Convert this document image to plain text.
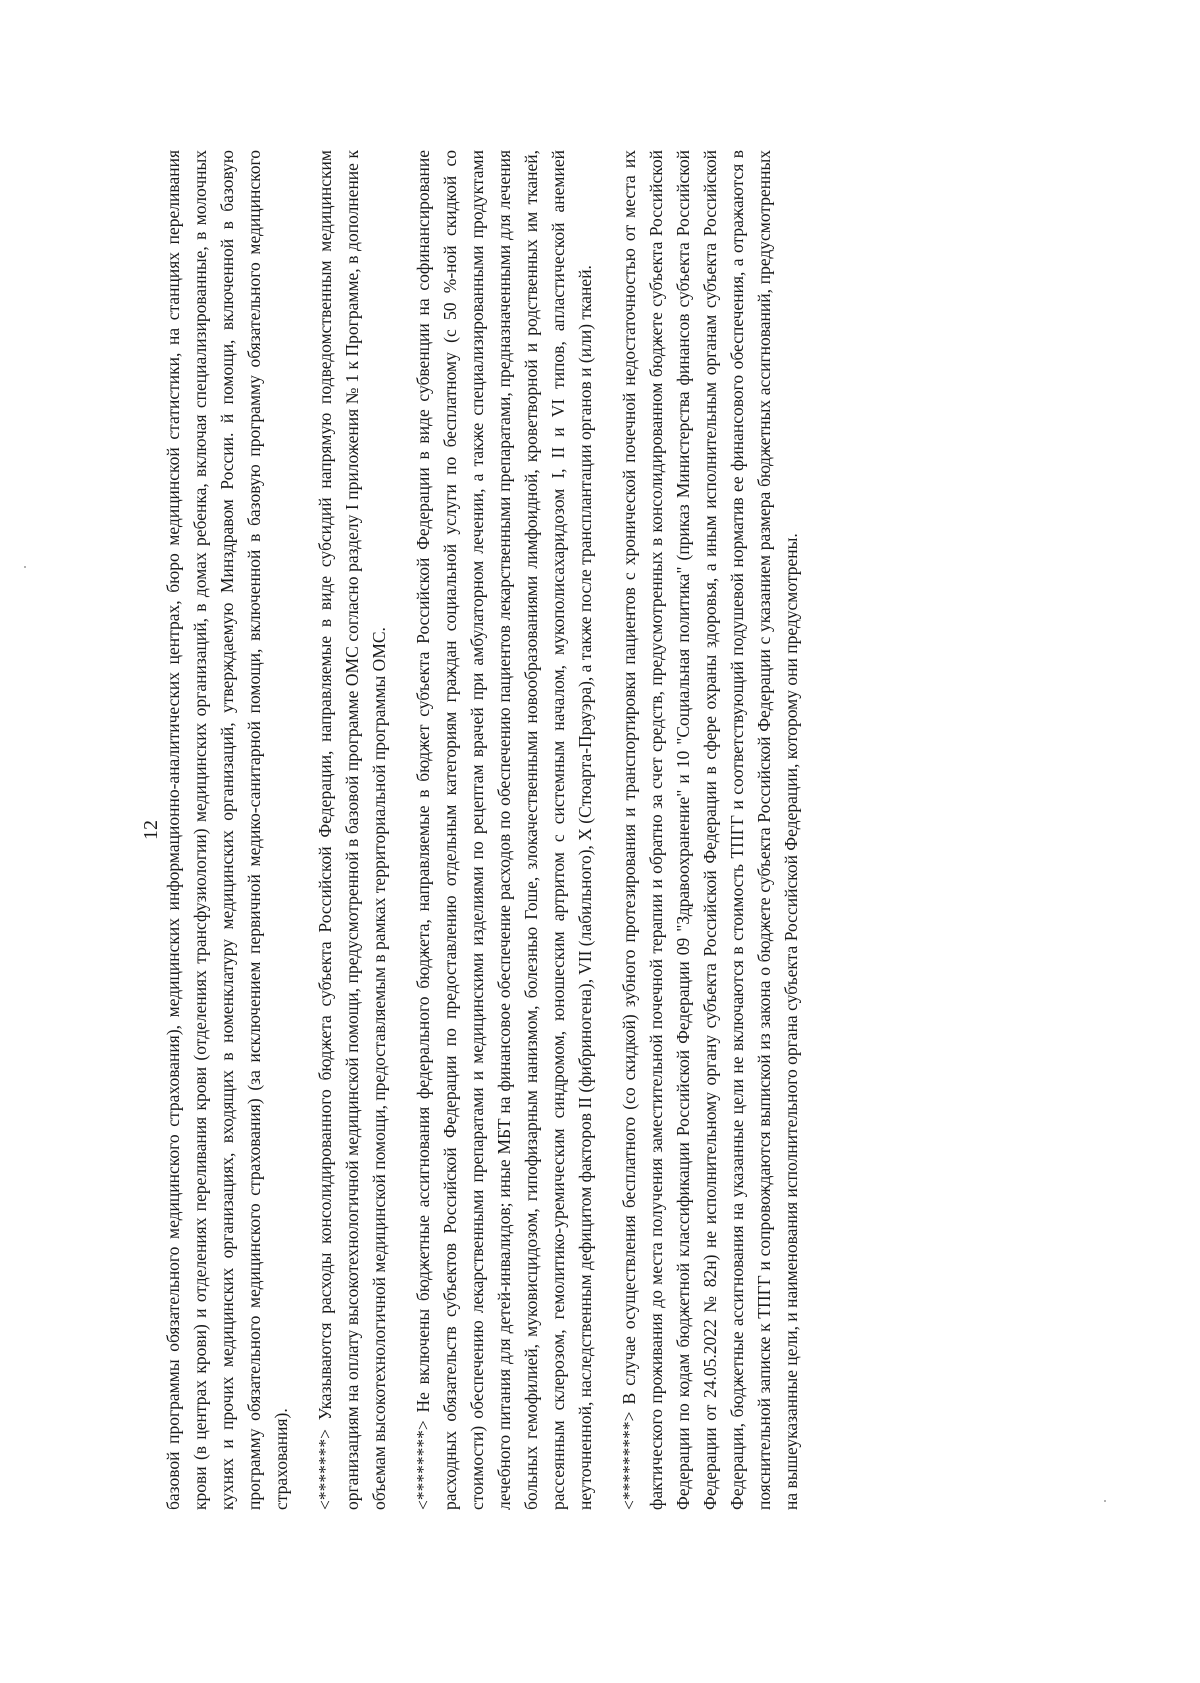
12 базовой программы обязательного медицинского страхования), медицинских информационно-аналитических центрах, бюро медицинской статистики, на станциях переливания крови (в центрах крови) и отделениях переливания крови (отделениях трансфузиологии) медицинских организаций, в домах ребенка, включая специализированные, в молочных кухнях и прочих медицинских организациях, входящих в номенклатуру медицинских организаций, утверждаемую Минздравом России. й помощи, включенной в базовую программу обязательного медицинского страхования) (за исключением первичной медико-санитарной помощи, включенной в базовую программу обязательного медицинского страхования). <*******> Указываются расходы консолидированного бюджета субъекта Российской Федерации, направляемые в виде субсидий напрямую подведомственным медицинским организациям на оплату высокотехнологичной медицинской помощи, предусмотренной в базовой программе ОМС согласно разделу I приложения № 1 к Программе, в дополнение к объемам высокотехнологичной медицинской помощи, предоставляемым в рамках территориальной программы ОМС. <********> Не включены бюджетные ассигнования федерального бюджета, направляемые в бюджет субъекта Российской Федерации в виде субвенции на софинансирование расходных обязательств субъектов Российской Федерации по предоставлению отдельным категориям граждан социальной услуги по бесплатному (с 50 %-ной скидкой со стоимости) обеспечению лекарственными препаратами и медицинскими изделиями по рецептам врачей при амбулаторном лечении, а также специализированными продуктами лечебного питания для детей-инвалидов; иные МБТ на финансовое обеспечение расходов по обеспечению пациентов лекарственными препаратами, предназначенными для лечения больных гемофилией, муковисцидозом, гипофизарным нанизмом, болезнью Гоше, злокачественными новообразованиями лимфоидной, кроветворной и родственных им тканей, рассеянным склерозом, гемолитико-уремическим синдромом, юношеским артритом с системным началом, мукополисахаридозом I, II и VI типов, апластической анемией неуточненной, наследственным дефицитом факторов II (фибриногена), VII (лабильного), X (Стюарта-Прауэра), а также после трансплантации органов и (или) тканей. <*********> В случае осуществления бесплатного (со скидкой) зубного протезирования и транспортировки пациентов с хронической почечной недостаточностью от места их фактического проживания до места получения заместительной почечной терапии и обратно за счет средств, предусмотренных в консолидированном бюджете субъекта Российской Федерации по кодам бюджетной классификации Российской Федерации 09 "Здравоохранение" и 10 "Социальная политика" (приказ Министерства финансов субъекта Российской Федерации от 24.05.2022 № 82н) не исполнительному органу субъекта Российской Федерации в сфере охраны здоровья, а иным исполнительным органам субъекта Российской Федерации, бюджетные ассигнования на указанные цели не включаются в стоимость ТПГГ и соответствующий подушевой норматив ее финансового обеспечения, а отражаются в пояснительной записке к ТПГГ и сопровождаются выпиской из закона о бюджете субъекта Российской Федерации с указанием размера бюджетных ассигнований, предусмотренных на вышеуказанные цели, и наименования исполнительного органа субъекта Российской Федерации, которому они предусмотрены.
